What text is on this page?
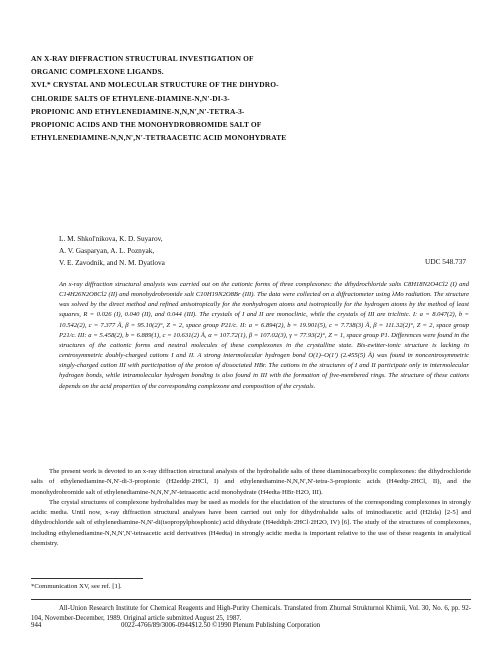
AN X-RAY DIFFRACTION STRUCTURAL INVESTIGATION OF
ORGANIC COMPLEXONE LIGANDS.
XVI.* CRYSTAL AND MOLECULAR STRUCTURE OF THE DIHYDRO-
CHLORIDE SALTS OF ETHYLENE-DIAMINE-N,N'-DI-3-
PROPIONIC AND ETHYLENEDIAMINE-N,N,N',N'-TETRA-3-
PROPIONIC ACIDS AND THE MONOHYDROBROMIDE SALT OF
ETHYLENEDIAMINE-N,N,N',N'-TETRAACETIC ACID MONOHYDRATE
L. M. Shkol'nikova, K. D. Suyarov,
A. V. Gasparyan, A. L. Poznyak,
V. E. Zavodnik, and N. M. Dyatlova	UDC 548.737

An x-ray diffraction structural analysis was carried out on the cationic forms of three complexones: the dihydrochloride salts C8H18N2O4Cl2 (I) and C14H26N2O8Cl2 (II) and monohydrobromide salt C10H19N2O8Br (III). The data were collected on a diffractometer using λMo radiation. The structure was solved by the direct method and refined anisotropically for the nonhydrogen atoms and isotropically for the hydrogen atoms by the method of least squares, R = 0.026 (I), 0.040 (II), and 0.044 (III). The crystals of I and II are monoclinic, while the crystals of III are triclinic. I: a = 8.047(2), b = 10.542(2), c = 7.377 Å, β = 95.10(2)°, Z = 2, space group P21/c. II: a = 6.894(2), b = 19.901(5), c = 7.738(3) Å, β = 111.32(2)°, Z = 2, space group P21/c. III: a = 5.458(2), b = 6.889(1), c = 10.631(2) Å, α = 107.72(1), β = 107.02(3), γ = 77.93(2)°, Z = 1, space group P1. Differences were found in the structures of the cationic forms and neutral molecules of these complexones in the crystalline state. Bis-zwitter-ionic structure is lacking in centrosymmetric doubly-charged cations I and II. A strong intermolecular hydrogen bond O(1)–O(1') (2.455(5) Å) was found in noncentrosymmetric singly-charged cation III with participation of the proton of dissociated HBr. The cations in the structures of I and II participate only in intermolecular hydrogen bonds, while intramolecular hydrogen bonding is also found in III with the formation of five-membered rings. The structure of these cations depends on the acid properties of the corresponding complexone and composition of the crystals.

The present work is devoted to an x-ray diffraction structural analysis of the hydrohalide salts of three diaminocarboxylic complexones: the dihydrochloride salts of ethylenediamine-N,N'-di-3-propionic (H2eddp·2HCl, I) and ethylenediamine-N,N,N',N'-tetra-3-propionic acids (H4edtp·2HCl, II), and the monohydrobromide salt of ethylenediamine-N,N,N',N'-tetraacetic acid monohydrate (H4edta·HBr·H2O, III).

The crystal structures of complexone hydrohalides may be used as models for the elucidation of the structures of the corresponding complexones in strongly acidic media. Until now, x-ray diffraction structural analyses have been carried out only for dihydrohalide salts of iminodiacetic acid (H2ida) [2-5] and dihydrochloride salt of ethylenediamine-N,N'-di(isopropylphosphonic) acid dihydrate (H4eddiph·2HCl·2H2O, IV) [6]. The study of the structures of complexones, including ethylenediamine-N,N,N',N'-tetraacetic acid derivatives (H4edta) in strongly acidic media is important relative to the use of these reagents in analytical chemistry.

*Communication XV, see ref. [1].
All-Union Research Institute for Chemical Reagents and High-Purity Chemicals. Translated from Zhurnal Strukturnoi Khimii, Vol. 30, No. 6, pp. 92-104, November-December, 1989. Original article submitted August 25, 1987.
944	0022-4766/89/3006-0944$12.50 ©1990 Plenum Publishing Corporation
